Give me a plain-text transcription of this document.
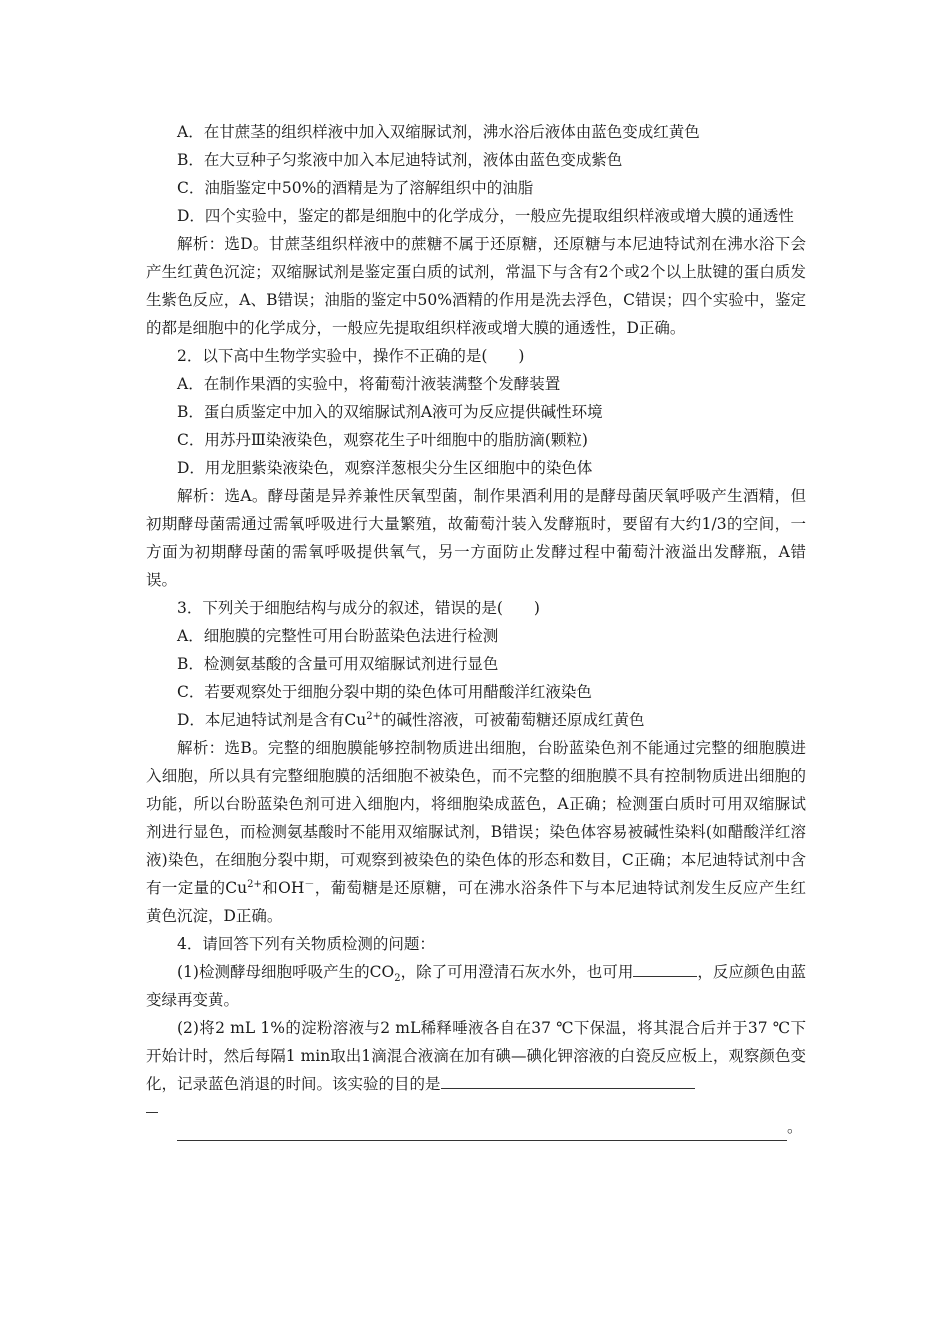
A．在甘蔗茎的组织样液中加入双缩脲试剂，沸水浴后液体由蓝色变成红黄色

B．在大豆种子匀浆液中加入本尼迪特试剂，液体由蓝色变成紫色

C．油脂鉴定中50%的酒精是为了溶解组织中的油脂

D．四个实验中，鉴定的都是细胞中的化学成分，一般应先提取组织样液或增大膜的通透性

解析：选D。甘蔗茎组织样液中的蔗糖不属于还原糖，还原糖与本尼迪特试剂在沸水浴下会产生红黄色沉淀；双缩脲试剂是鉴定蛋白质的试剂，常温下与含有2个或2个以上肽键的蛋白质发生紫色反应，A、B错误；油脂的鉴定中50%酒精的作用是洗去浮色，C错误；四个实验中，鉴定的都是细胞中的化学成分，一般应先提取组织样液或增大膜的通透性，D正确。

2．以下高中生物学实验中，操作不正确的是(　　)

A．在制作果酒的实验中，将葡萄汁液装满整个发酵装置

B．蛋白质鉴定中加入的双缩脲试剂A液可为反应提供碱性环境

C．用苏丹Ⅲ染液染色，观察花生子叶细胞中的脂肪滴(颗粒)

D．用龙胆紫染液染色，观察洋葱根尖分生区细胞中的染色体

解析：选A。酵母菌是异养兼性厌氧型菌，制作果酒利用的是酵母菌厌氧呼吸产生酒精，但初期酵母菌需通过需氧呼吸进行大量繁殖，故葡萄汁装入发酵瓶时，要留有大约1/3的空间，一方面为初期酵母菌的需氧呼吸提供氧气，另一方面防止发酵过程中葡萄汁液溢出发酵瓶，A错误。

3．下列关于细胞结构与成分的叙述，错误的是(　　)

A．细胞膜的完整性可用台盼蓝染色法进行检测

B．检测氨基酸的含量可用双缩脲试剂进行显色

C．若要观察处于细胞分裂中期的染色体可用醋酸洋红液染色

D．本尼迪特试剂是含有$Cu^{2+}$的碱性溶液，可被葡萄糖还原成红黄色

解析：选B。完整的细胞膜能够控制物质进出细胞，台盼蓝染色剂不能通过完整的细胞膜进入细胞，所以具有完整细胞膜的活细胞不被染色，而不完整的细胞膜不具有控制物质进出细胞的功能，所以台盼蓝染色剂可进入细胞内，将细胞染成蓝色，A正确；检测蛋白质时可用双缩脲试剂进行显色，而检测氨基酸时不能用双缩脲试剂，B错误；染色体容易被碱性染料(如醋酸洋红溶液)染色，在细胞分裂中期，可观察到被染色的染色体的形态和数目，C正确；本尼迪特试剂中含有一定量的$Cu^{2+}$和OH－，葡萄糖是还原糖，可在沸水浴条件下与本尼迪特试剂发生反应产生红黄色沉淀，D正确。

4．请回答下列有关物质检测的问题：

(1)检测酵母细胞呼吸产生的$CO_2$，除了可用澄清石灰水外，也可用	，反应颜色由蓝变绿再变黄。

(2)将2 mL 1%的淀粉溶液与2 mL稀释唾液各自在37 ℃下保温，将其混合后并于37 ℃下开始计时，然后每隔1 min取出1滴混合液滴在加有碘—碘化钾溶液的白瓷反应板上，观察颜色变化，记录蓝色消退的时间。该实验的目的是

。
